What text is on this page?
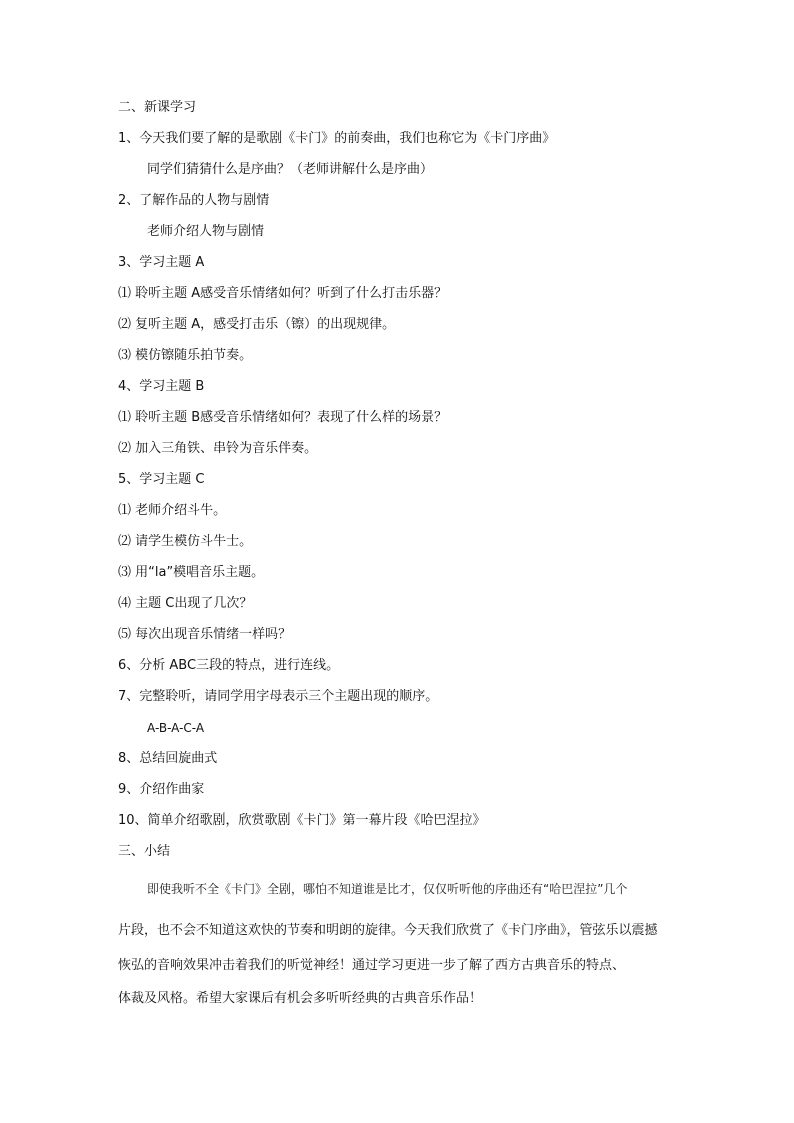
二、新课学习
1、今天我们要了解的是歌剧《卡门》的前奏曲，我们也称它为《卡门序曲》
同学们猜猜什么是序曲？（老师讲解什么是序曲）
2、了解作品的人物与剧情
老师介绍人物与剧情
3、学习主题 A
⑴ 聆听主题 A感受音乐情绪如何？听到了什么打击乐器？
⑵ 复听主题 A，感受打击乐（镲）的出现规律。
⑶ 模仿镲随乐拍节奏。
4、学习主题 B
⑴ 聆听主题 B感受音乐情绪如何？表现了什么样的场景？
⑵ 加入三角铁、串铃为音乐伴奏。
5、学习主题 C
⑴ 老师介绍斗牛。
⑵ 请学生模仿斗牛士。
⑶ 用“la”模唱音乐主题。
⑷ 主题 C出现了几次？
⑸ 每次出现音乐情绪一样吗？
6、分析 ABC三段的特点，进行连线。
7、完整聆听，请同学用字母表示三个主题出现的顺序。
A-B-A-C-A
8、总结回旋曲式
9、介绍作曲家
10、简单介绍歌剧，欣赏歌剧《卡门》第一幕片段《哈巴涅拉》
三、小结
即使我听不全《卡门》全剧，哪怕不知道谁是比才，仅仅听听他的序曲还有“哈巴涅拉”几个
片段，也不会不知道这欢快的节奏和明朗的旋律。今天我们欣赏了《卡门序曲》，管弦乐以震撼
恢弘的音响效果冲击着我们的听觉神经！通过学习更进一步了解了西方古典音乐的特点、
体裁及风格。希望大家课后有机会多听听经典的古典音乐作品！
